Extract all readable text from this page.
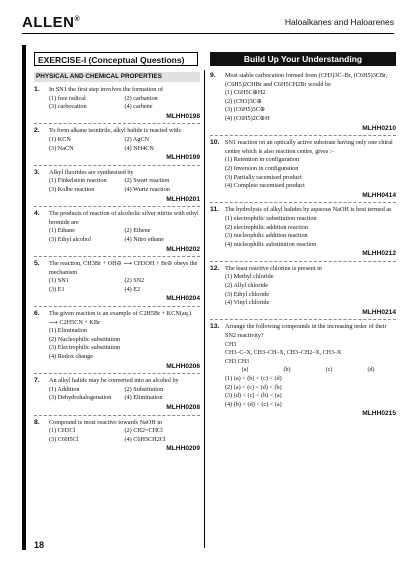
ALLEN®	Haloalkanes and Haloarenes
EXERCISE-I (Conceptual Questions)	Build Up Your Understanding
PHYSICAL AND CHEMICAL PROPERTIES
1. In SN1 the first step involves the formation of
(1) free radical	(2) carbanion
(3) carbocation	(4) carbene
MLHH0198
2. To form alkane isonitrile, alkyl halide is reacted with:
(1) KCN	(2) AgCN
(3) NaCN	(4) NH4CN
MLHH0199
3. Alkyl fluorides are synthesised by
(1) Finkelstein reaction	(2) Swart reaction
(3) Kolbe reaction	(4) Wurtz reaction
MLHH0201
4. The products of reaction of alcoholic silver nitrite with ethyl bromide are
(1) Ethane	(2) Ethene
(3) Ethyl alcohol	(4) Nitro ethane
MLHH0202
5. The reaction, CH3Br + OH⊖ ⟶ CH3OH + Br⊖ obeys the mechanism
(1) SN1	(2) SN2
(3) E1	(4) E2
MLHH0204
6. The given reaction is an example of C2H5Br + KCN(aq.) ⟶ C2H5CN + KBr
(1) Elimination
(2) Nucleophilic substitution
(3) Electrophilic substitution
(4) Redox change
MLHH0206
7. An alkyl halide may be converted into an alcohol by
(1) Addition	(2) Substitution
(3) Dehydrohalogenation	(4) Elimination
MLHH0208
8. Compound is most reactive towards NaOH in
(1) CH3Cl	(2) CH2=CHCl
(3) C6H5Cl	(4) C6H5CH2Cl
MLHH0209
9. Most stable carbocation formed from (CH3)3C–Br, (C6H5)3CBr,(C6H5)2CHBr and C6H5CH2Br would be
(1) C6H5C⊕H2
(2) (CH3)3C⊕
(3) (C6H5)3C⊕
(4) (C6H5)2C⊕H
MLHH0210
10. SN1 reaction on an optically active substrate having only one chiral centre which is also reaction centre, gives :-
(1) Retention in configuration
(2) Inversion in configuration
(3) Partially racemised product
(4) Complete racemised product
MLHH0414
11. The hydrolysis of alkyl halides by aqueous NaOH is best termed as
(1) electrophilic substitution reaction
(2) electrophilic addition reaction
(3) nucleophilic addition reaction
(4) nucleophilic substitution reaction
MLHH0212
12. The least reactive chlorine is present in
(1) Methyl chloride
(2) Allyl chloride
(3) Ethyl chloride
(4) Vinyl chloride
MLHH0214
13. Arrange the following compounds in the increasing order of their SN2 reactivity?
CH3
CH3–C–X, CH3–CH–X, CH3–CH2–X, CH3–X
CH3 CH3
(a)	(b)	(c)	(d)
(1) (a) < (b) < (c) < (d)
(2) (a) < (c) < (d) < (b)
(3) (d) < (c) < (b) < (a)
(4) (b) < (d) < (c) < (a)
MLHH0215
18
